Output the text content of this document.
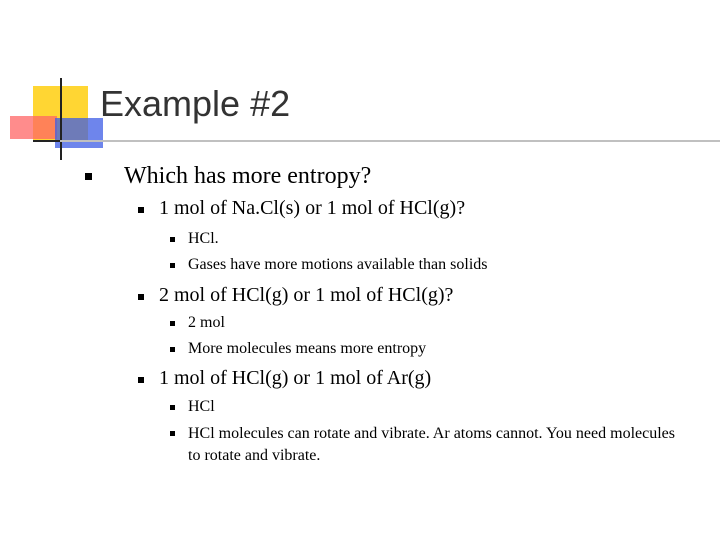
Example #2
Which has more entropy?
1 mol of Na.Cl(s) or 1 mol of HCl(g)?
HCl.
Gases have more motions available than solids
2 mol of HCl(g) or 1 mol of HCl(g)?
2 mol
More molecules means more entropy
1 mol of HCl(g) or 1 mol of Ar(g)
HCl
HCl molecules can rotate and vibrate. Ar atoms cannot. You need molecules to rotate and vibrate.
